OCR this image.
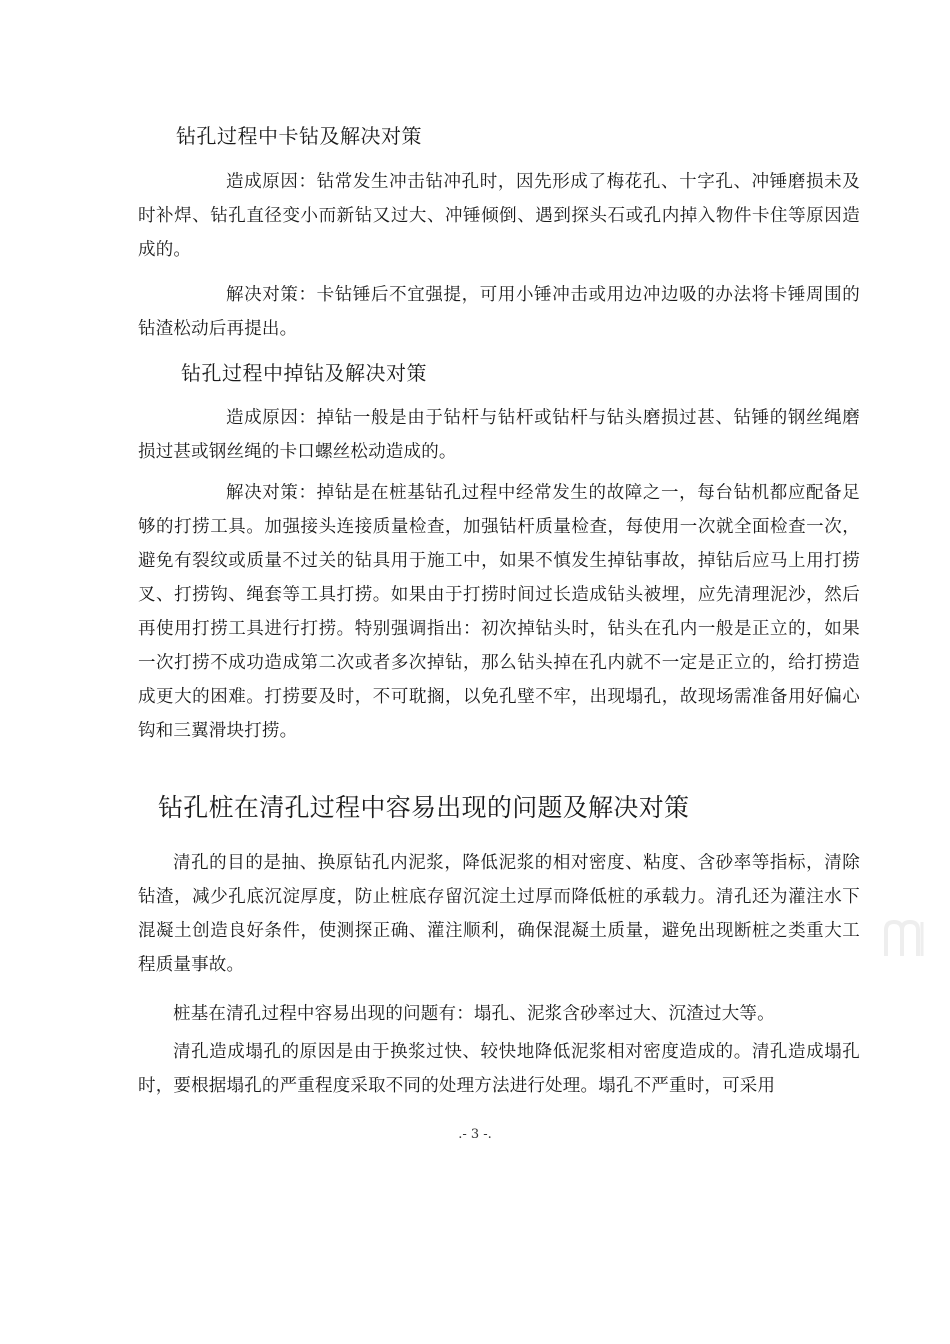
钻孔过程中卡钻及解决对策

造成原因：钻常发生冲击钻冲孔时，因先形成了梅花孔、十字孔、冲锤磨损未及时补焊、钻孔直径变小而新钻又过大、冲锤倾倒、遇到探头石或孔内掉入物件卡住等原因造成的。

解决对策：卡钻锤后不宜强提，可用小锤冲击或用边冲边吸的办法将卡锤周围的钻渣松动后再提出。

钻孔过程中掉钻及解决对策

造成原因：掉钻一般是由于钻杆与钻杆或钻杆与钻头磨损过甚、钻锤的钢丝绳磨损过甚或钢丝绳的卡口螺丝松动造成的。

解决对策：掉钻是在桩基钻孔过程中经常发生的故障之一，每台钻机都应配备足够的打捞工具。加强接头连接质量检查，加强钻杆质量检查，每使用一次就全面检查一次，避免有裂纹或质量不过关的钻具用于施工中，如果不慎发生掉钻事故，掉钻后应马上用打捞叉、打捞钩、绳套等工具打捞。如果由于打捞时间过长造成钻头被埋，应先清理泥沙，然后再使用打捞工具进行打捞。特别强调指出：初次掉钻头时，钻头在孔内一般是正立的，如果一次打捞不成功造成第二次或者多次掉钻，那么钻头掉在孔内就不一定是正立的，给打捞造成更大的困难。打捞要及时，不可耽搁，以免孔壁不牢，出现塌孔，故现场需准备用好偏心钩和三翼滑块打捞。

钻孔桩在清孔过程中容易出现的问题及解决对策

清孔的目的是抽、换原钻孔内泥浆，降低泥浆的相对密度、粘度、含砂率等指标，清除钻渣，减少孔底沉淀厚度，防止桩底存留沉淀土过厚而降低桩的承载力。清孔还为灌注水下混凝土创造良好条件，使测探正确、灌注顺利，确保混凝土质量，避免出现断桩之类重大工程质量事故。

桩基在清孔过程中容易出现的问题有：塌孔、泥浆含砂率过大、沉渣过大等。

清孔造成塌孔的原因是由于换浆过快、较快地降低泥浆相对密度造成的。清孔造成塌孔时，要根据塌孔的严重程度采取不同的处理方法进行处理。塌孔不严重时，可采用

.- 3 -.
